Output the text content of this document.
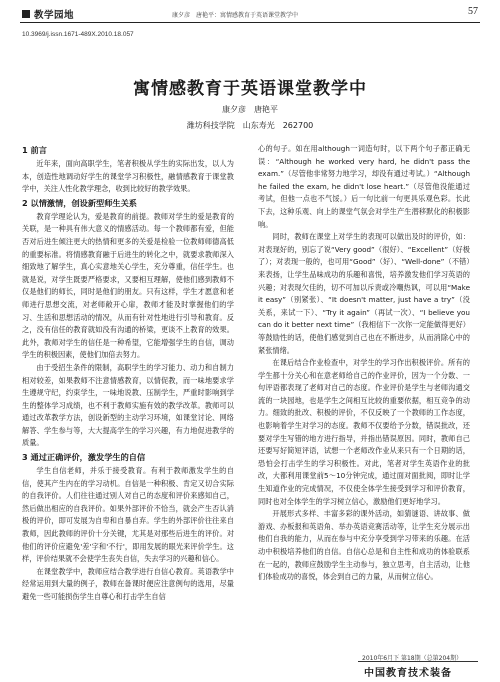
教学园地	康夕彦　唐艳平：寓情感教育于英语课堂教学中	57
10.3969/j.issn.1671-489X.2010.18.057
寓情感教育于英语课堂教学中
康夕彦　唐艳平
潍坊科技学院　山东寿光　262700
1 前言

近年来，面向高职学生，笔者积极从学生的实际出发，以人为本，创造性地调动好学生的课堂学习积极性，融情感教育于课堂教学中，关注人性化教学理念，收到比较好的教学效果。

2 以情激情，创设新型师生关系

教育学理论认为，爱是教育的前提。教师对学生的爱是教育的关联，是一种具有伟大意义的情感活动。每一个教师都有爱，但能否对后进生倾注更大的热情和更多的关爱是检验一位教师师德高低的重要标准。将情感教育融于后进生的转化之中，就要求教师深入细致地了解学生，真心实意地关心学生，充分尊重，信任学生。也就是说，对学生既要严格要求，又要相互理解，使他们感到教师不仅是他们的师长，同时是他们的朋友。只有这样，学生才愿意和老师进行思想交流，对老师敞开心扉，教师才能及时掌握他们的学习、生活和思想活动的情况，从而有针对性地进行引导和教育。反之，没有信任的教育就如没有沟通的桥梁，更谈不上教育的效果。此外，教师对学生的信任是一种希望，它能增强学生的自信，调动学生的积极因素，使他们加倍去努力。

由于受招生条件的限制，高职学生的学习能力、动力和自制力相对较差，如果教师不注意情感教育，以情促教，而一味地要求学生遵规守纪，约束学生，一味地说教、压制学生，严重时影响到学生的整体学习成绩，也不利于教师实施有效的教学改革。教师可以通过改革教学方法，创设新型的主动学习环境，如课堂讨论、网络解答、学生参与等，大大提高学生的学习兴趣，有力地促进教学的质量。

3 通过正确评价，激发学生的自信

学生自信老师，并乐于接受教育。有利于教师激发学生的自信，使其产生内在的学习动机。自信是一种积极、肯定又切合实际的自我评价。人们往往通过别人对自己的态度和评价来感知自己，然后做出相应的自我评价。如果外部评价不恰当，就会产生否认消极的评价，即可发展为自卑和自暴自弃。学生的外部评价往往来自教师，因此教师的评价十分关键，尤其是对那些后进生的评价。对他们的评价应避免'差'字和'不行'，即用发展的眼光来评价学生。这样，评价结果就不会使学生丧失自信，失去学习的兴趣和信心。

在课堂教学中，教师应结合教学进行自信心教育。英语教学中经常运用到大量的例子，教师在备课时便应注意例句的选用，尽量避免一些可能损伤学生自尊心和打击学生自信

心的句子。如在用although一词造句时，以下两个句子都正确无误：“Although he worked very hard, he didn't pass the exam.”（尽管他非常努力地学习，却没有通过考试。）“Although he failed the exam, he didn't lose heart.”（尽管他没能通过考试，但他一点也不气馁。）后一句比前一句更具乐观色彩。长此下去，这种乐观、向上的课堂气氛会对学生产生潜移默化的积极影响。

同时，教师在课堂上对学生的表现可以做出及时的评价，如：对表现好的，别忘了说“Very good”（很好）、“Excellent”（好极了）；对表现一般的，也可用“Good”（好）、“Well-done”（不错）来表扬，让学生品味成功的乐趣和喜悦，培养激发他们学习英语的兴趣；对表现欠佳的，切不可加以斥责或冷嘲热讽，可以用“Make it easy”（别紧张）、“It doesn't matter, just have a try”（没关系，来试一下）、“Try it again”（再试一次）、“I believe you can do it better next time”（我相信下一次你一定能做得更好）等鼓励性的话，使他们感觉到自己也在不断进步，从而消除心中的紧张情绪。

在课后结合作业检查中，对学生的学习作出积极评价。所有的学生都十分关心和在意老师给自己的作业评价，因为一个分数、一句评语都表现了老师对自己的态度。作业评价是学生与老师沟通交流的一块园地，也是学生之间相互比较的重要依据，相互竞争的动力。细致的批改、积极的评价，不仅反映了一个教师的工作态度，也影响着学生对学习的态度。教师不仅要给予分数，错误批改，还要对学生写错的地方进行指导，并指出错误原因。同时，教师自己还要写好简短评语，试想一个老师改作业从来只有一个日期的话，恐怕会打击学生的学习积极性。对此，笔者对学生英语作业的批改，大都利用课堂前5～10分钟完成，通过面对面批阅，即时让学生知道作业的完成情况，不仅使全体学生接受到学习和评价教育，同时也对全体学生的学习树立信心，激励他们更好地学习。

开展形式多样、丰富多彩的课外活动，如猜谜语、讲故事、做游戏、办板报和英语角、举办英语竞赛活动等，让学生充分展示出他们自我的能力，从而在参与中充分享受到学习带来的乐趣。在活动中积极培养他们的自信。自信心总是和自主性和成功的体验联系在一起的，教师应鼓励学生主动参与，独立思考，自主活动，让他们体验成功的喜悦，体会到自己的力量，从而树立信心。

2010年6月下 第18期（总第204期）
中国教育技术装备
